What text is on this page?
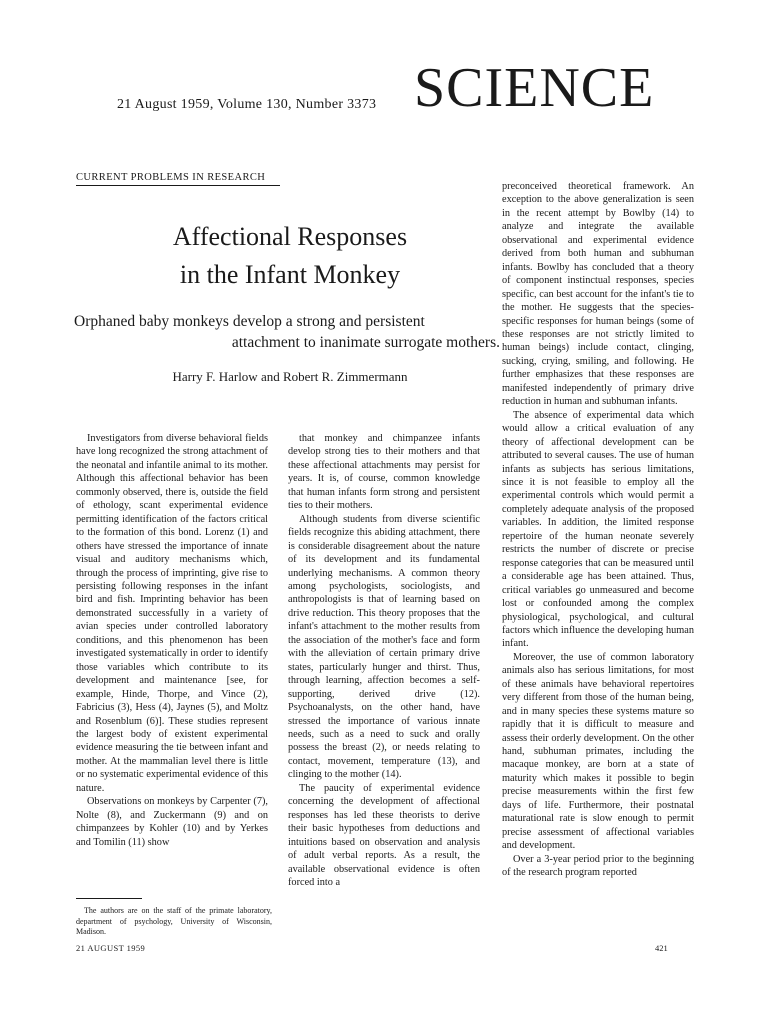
21 August 1959, Volume 130, Number 3373 SCIENCE
CURRENT PROBLEMS IN RESEARCH
Affectional Responses
in the Infant Monkey
Orphaned baby monkeys develop a strong and persistent
attachment to inanimate surrogate mothers.
Harry F. Harlow and Robert R. Zimmermann

Investigators from diverse behavioral fields have long recognized the strong attachment of the neonatal and infantile animal to its mother. Although this affectional behavior has been commonly observed, there is, outside the field of ethology, scant experimental evidence permitting identification of the factors critical to the formation of this bond. Lorenz (1) and others have stressed the importance of innate visual and auditory mechanisms which, through the process of imprinting, give rise to persisting following responses in the infant bird and fish. Imprinting behavior has been demonstrated successfully in a variety of avian species under controlled laboratory conditions, and this phenomenon has been investigated systematically in order to identify those variables which contribute to its development and maintenance [see, for example, Hinde, Thorpe, and Vince (2), Fabricius (3), Hess (4), Jaynes (5), and Moltz and Rosenblum (6)]. These studies represent the largest body of existent experimental evidence measuring the tie between infant and mother. At the mammalian level there is little or no systematic experimental evidence of this nature.

Observations on monkeys by Carpenter (7), Nolte (8), and Zuckermann (9) and on chimpanzees by Kohler (10) and by Yerkes and Tomilin (11) show

that monkey and chimpanzee infants develop strong ties to their mothers and that these affectional attachments may persist for years. It is, of course, common knowledge that human infants form strong and persistent ties to their mothers.

Although students from diverse scientific fields recognize this abiding attachment, there is considerable disagreement about the nature of its development and its fundamental underlying mechanisms. A common theory among psychologists, sociologists, and anthropologists is that of learning based on drive reduction. This theory proposes that the infant's attachment to the mother results from the association of the mother's face and form with the alleviation of certain primary drive states, particularly hunger and thirst. Thus, through learning, affection becomes a self-supporting, derived drive (12). Psychoanalysts, on the other hand, have stressed the importance of various innate needs, such as a need to suck and orally possess the breast (2), or needs relating to contact, movement, temperature (13), and clinging to the mother (14).

The paucity of experimental evidence concerning the development of affectional responses has led these theorists to derive their basic hypotheses from deductions and intuitions based on observation and analysis of adult verbal reports. As a result, the available observational evidence is often forced into a

preconceived theoretical framework. An exception to the above generalization is seen in the recent attempt by Bowlby (14) to analyze and integrate the available observational and experimental evidence derived from both human and subhuman infants. Bowlby has concluded that a theory of component instinctual responses, species specific, can best account for the infant's tie to the mother. He suggests that the species-specific responses for human beings (some of these responses are not strictly limited to human beings) include contact, clinging, sucking, crying, smiling, and following. He further emphasizes that these responses are manifested independently of primary drive reduction in human and subhuman infants.

The absence of experimental data which would allow a critical evaluation of any theory of affectional development can be attributed to several causes. The use of human infants as subjects has serious limitations, since it is not feasible to employ all the experimental controls which would permit a completely adequate analysis of the proposed variables. In addition, the limited response repertoire of the human neonate severely restricts the number of discrete or precise response categories that can be measured until a considerable age has been attained. Thus, critical variables go unmeasured and become lost or confounded among the complex physiological, psychological, and cultural factors which influence the developing human infant.

Moreover, the use of common laboratory animals also has serious limitations, for most of these animals have behavioral repertoires very different from those of the human being, and in many species these systems mature so rapidly that it is difficult to measure and assess their orderly development. On the other hand, subhuman primates, including the macaque monkey, are born at a state of maturity which makes it possible to begin precise measurements within the first few days of life. Furthermore, their postnatal maturational rate is slow enough to permit precise assessment of affectional variables and development.

Over a 3-year period prior to the beginning of the research program reported

The authors are on the staff of the primate laboratory, department of psychology, University of Wisconsin, Madison.
21 AUGUST 1959	421
